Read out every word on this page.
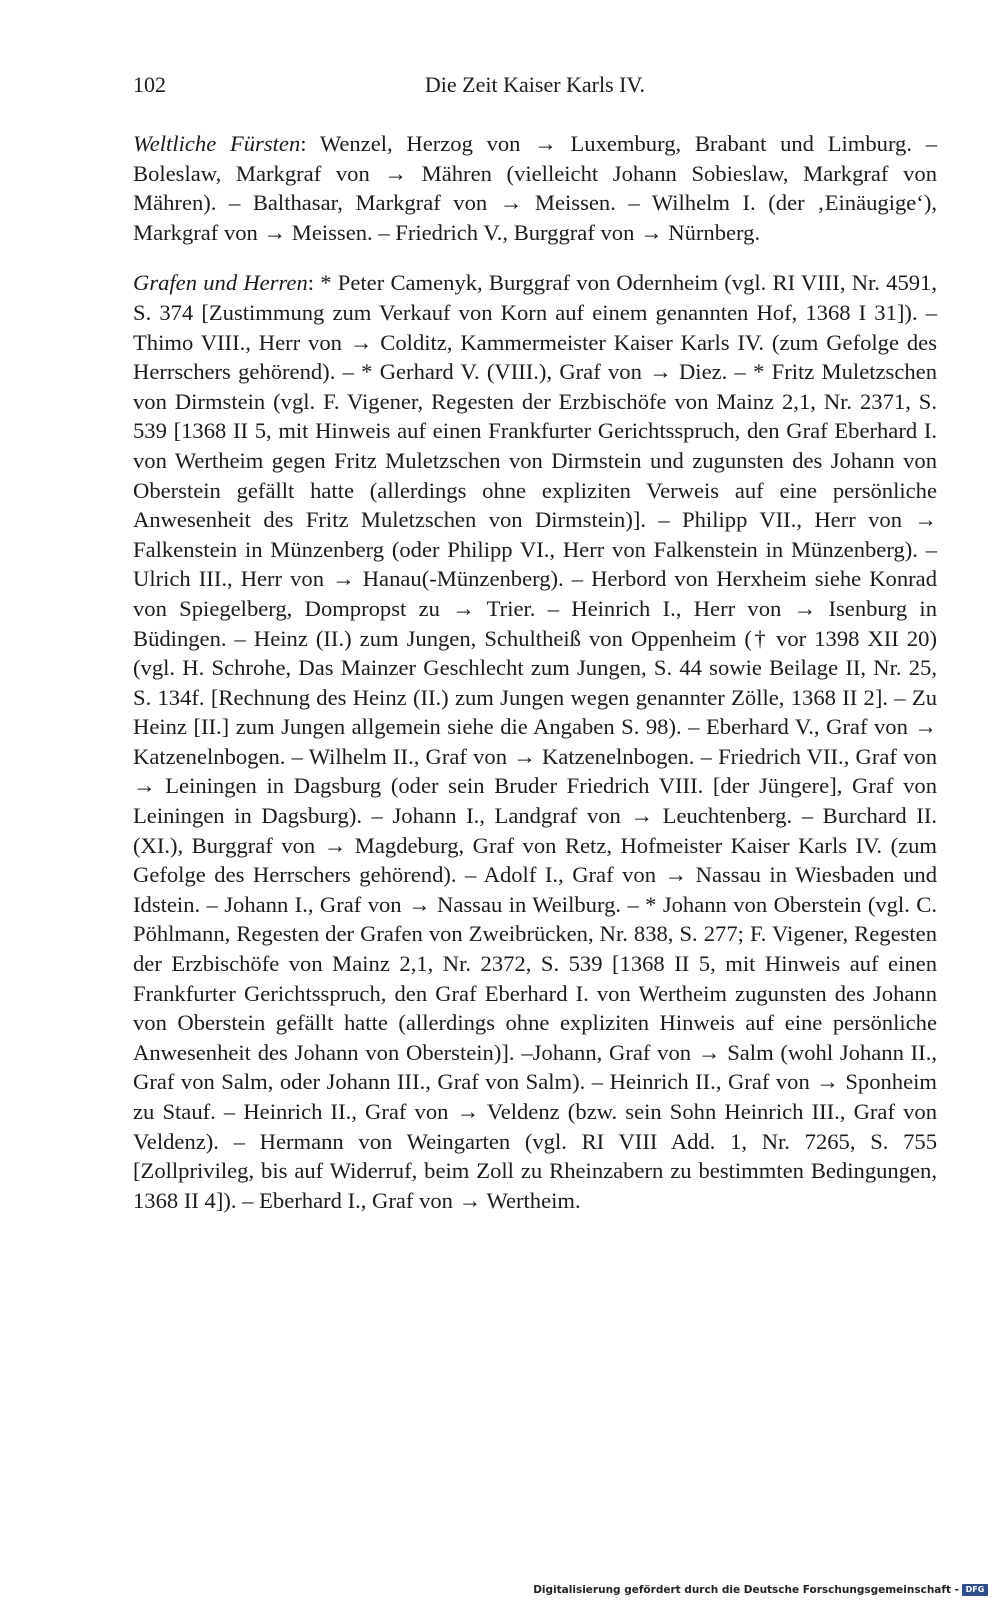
102	Die Zeit Kaiser Karls IV.

Weltliche Fürsten: Wenzel, Herzog von → Luxemburg, Brabant und Limburg. – Boleslaw, Markgraf von → Mähren (vielleicht Johann Sobieslaw, Markgraf von Mähren). – Balthasar, Markgraf von → Meissen. – Wilhelm I. (der ‚Einäugige‘), Markgraf von → Meissen. – Friedrich V., Burggraf von → Nürnberg.

Grafen und Herren: * Peter Camenyk, Burggraf von Odernheim (vgl. RI VIII, Nr. 4591, S. 374 [Zustimmung zum Verkauf von Korn auf einem genannten Hof, 1368 I 31]). – Thimo VIII., Herr von → Colditz, Kammermeister Kaiser Karls IV. (zum Gefolge des Herrschers gehörend). – * Gerhard V. (VIII.), Graf von → Diez. – * Fritz Muletzschen von Dirmstein (vgl. F. Vigener, Regesten der Erzbischöfe von Mainz 2,1, Nr. 2371, S. 539 [1368 II 5, mit Hinweis auf einen Frankfurter Gerichtsspruch, den Graf Eberhard I. von Wertheim gegen Fritz Muletzschen von Dirmstein und zugunsten des Johann von Oberstein gefällt hatte (allerdings ohne expliziten Verweis auf eine persönliche Anwesenheit des Fritz Muletzschen von Dirmstein)]. – Philipp VII., Herr von → Falkenstein in Münzenberg (oder Philipp VI., Herr von Falkenstein in Münzenberg). – Ulrich III., Herr von → Hanau(-Münzenberg). – Herbord von Herxheim siehe Konrad von Spiegelberg, Dompropst zu → Trier. – Heinrich I., Herr von → Isenburg in Büdingen. – Heinz (II.) zum Jungen, Schultheiß von Oppenheim († vor 1398 XII 20) (vgl. H. Schrohe, Das Mainzer Geschlecht zum Jungen, S. 44 sowie Beilage II, Nr. 25, S. 134f. [Rechnung des Heinz (II.) zum Jungen wegen genannter Zölle, 1368 II 2]. – Zu Heinz [II.] zum Jungen allgemein siehe die Angaben S. 98). – Eberhard V., Graf von → Katzenelnbogen. – Wilhelm II., Graf von → Katzenelnbogen. – Friedrich VII., Graf von → Leiningen in Dagsburg (oder sein Bruder Friedrich VIII. [der Jüngere], Graf von Leiningen in Dagsburg). – Johann I., Landgraf von → Leuchtenberg. – Burchard II. (XI.), Burggraf von → Magdeburg, Graf von Retz, Hofmeister Kaiser Karls IV. (zum Gefolge des Herrschers gehörend). – Adolf I., Graf von → Nassau in Wiesbaden und Idstein. – Johann I., Graf von → Nassau in Weilburg. – * Johann von Oberstein (vgl. C. Pöhlmann, Regesten der Grafen von Zweibrücken, Nr. 838, S. 277; F. Vigener, Regesten der Erzbischöfe von Mainz 2,1, Nr. 2372, S. 539 [1368 II 5, mit Hinweis auf einen Frankfurter Gerichtsspruch, den Graf Eberhard I. von Wertheim zugunsten des Johann von Oberstein gefällt hatte (allerdings ohne expliziten Hinweis auf eine persönliche Anwesenheit des Johann von Oberstein)]. –Johann, Graf von → Salm (wohl Johann II., Graf von Salm, oder Johann III., Graf von Salm). – Heinrich II., Graf von → Sponheim zu Stauf. – Heinrich II., Graf von → Veldenz (bzw. sein Sohn Heinrich III., Graf von Veldenz). – Hermann von Weingarten (vgl. RI VIII Add. 1, Nr. 7265, S. 755 [Zollprivileg, bis auf Widerruf, beim Zoll zu Rheinzabern zu bestimmten Bedingungen, 1368 II 4]). – Eberhard I., Graf von → Wertheim.

Digitalisierung gefördert durch die Deutsche Forschungsgemeinschaft - DFG
